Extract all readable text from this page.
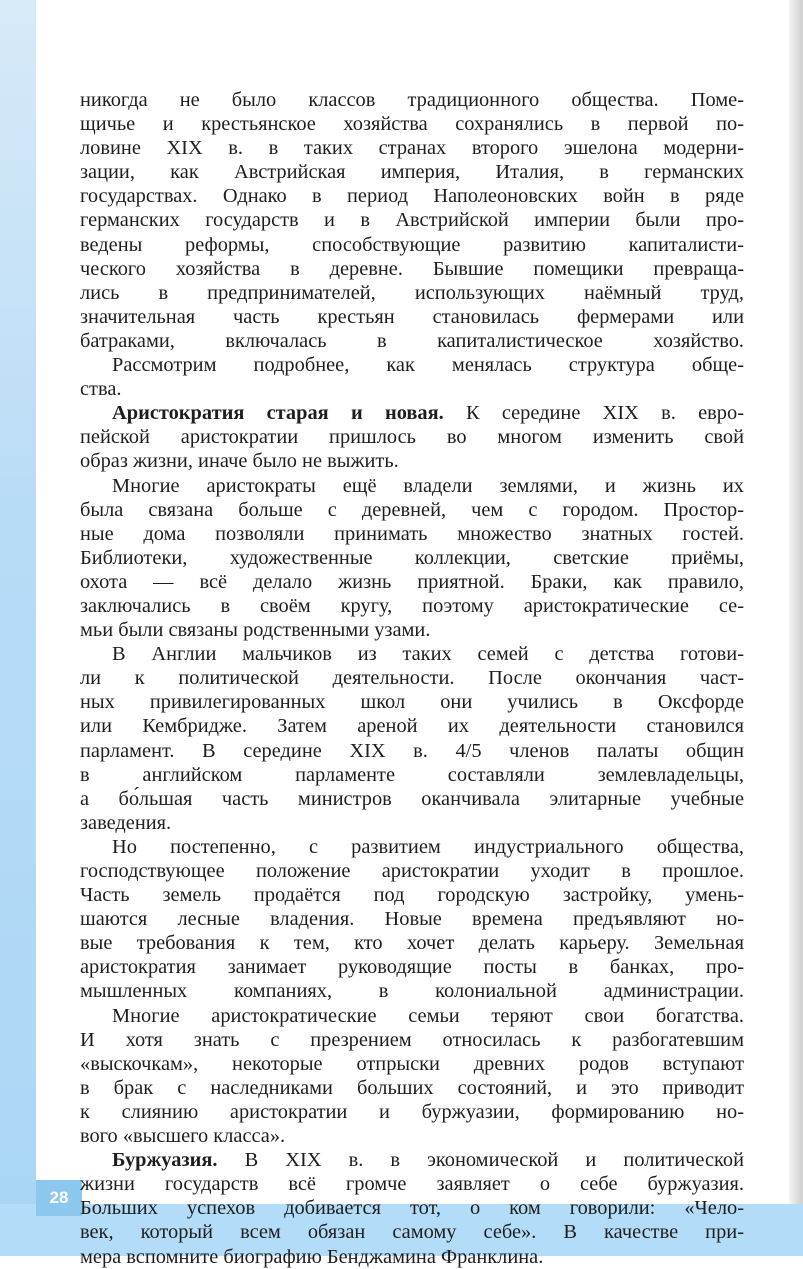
28
никогда не было классов традиционного общества. Поме-
щичье и крестьянское хозяйства сохранялись в первой по-
ловине XIX в. в таких странах второго эшелона модерни-
зации, как Австрийская империя, Италия, в германских
государствах. Однако в период Наполеоновских войн в ряде
германских государств и в Австрийской империи были про-
ведены реформы, способствующие развитию капиталисти-
ческого хозяйства в деревне. Бывшие помещики превраща-
лись в предпринимателей, использующих наёмный труд,
значительная часть крестьян становилась фермерами или
батраками, включалась в капиталистическое хозяйство.
Рассмотрим подробнее, как менялась структура обще-
ства.
Аристократия старая и новая. К середине XIX в. евро-
пейской аристократии пришлось во многом изменить свой
образ жизни, иначе было не выжить.
Многие аристократы ещё владели землями, и жизнь их
была связана больше с деревней, чем с городом. Простор-
ные дома позволяли принимать множество знатных гостей.
Библиотеки, художественные коллекции, светские приёмы,
охота — всё делало жизнь приятной. Браки, как правило,
заключались в своём кругу, поэтому аристократические се-
мьи были связаны родственными узами.
В Англии мальчиков из таких семей с детства готови-
ли к политической деятельности. После окончания част-
ных привилегированных школ они учились в Оксфорде
или Кембридже. Затем ареной их деятельности становился
парламент. В середине XIX в. 4/5 членов палаты общин
в английском парламенте составляли землевладельцы,
а бо́льшая часть министров оканчивала элитарные учебные
заведения.
Но постепенно, с развитием индустриального общества,
господствующее положение аристократии уходит в прошлое.
Часть земель продаётся под городскую застройку, умень-
шаются лесные владения. Новые времена предъявляют но-
вые требования к тем, кто хочет делать карьеру. Земельная
аристократия занимает руководящие посты в банках, про-
мышленных компаниях, в колониальной администрации.
Многие аристократические семьи теряют свои богатства.
И хотя знать с презрением относилась к разбогатевшим
«выскочкам», некоторые отпрыски древних родов вступают
в брак с наследниками больших состояний, и это приводит
к слиянию аристократии и буржуазии, формированию но-
вого «высшего класса».
Буржуазия. В XIX в. в экономической и политической
жизни государств всё громче заявляет о себе буржуазия.
Больших успехов добивается тот, о ком говорили: «Чело-
век, который всем обязан самому себе». В качестве при-
мера вспомните биографию Бенджамина Франклина.
